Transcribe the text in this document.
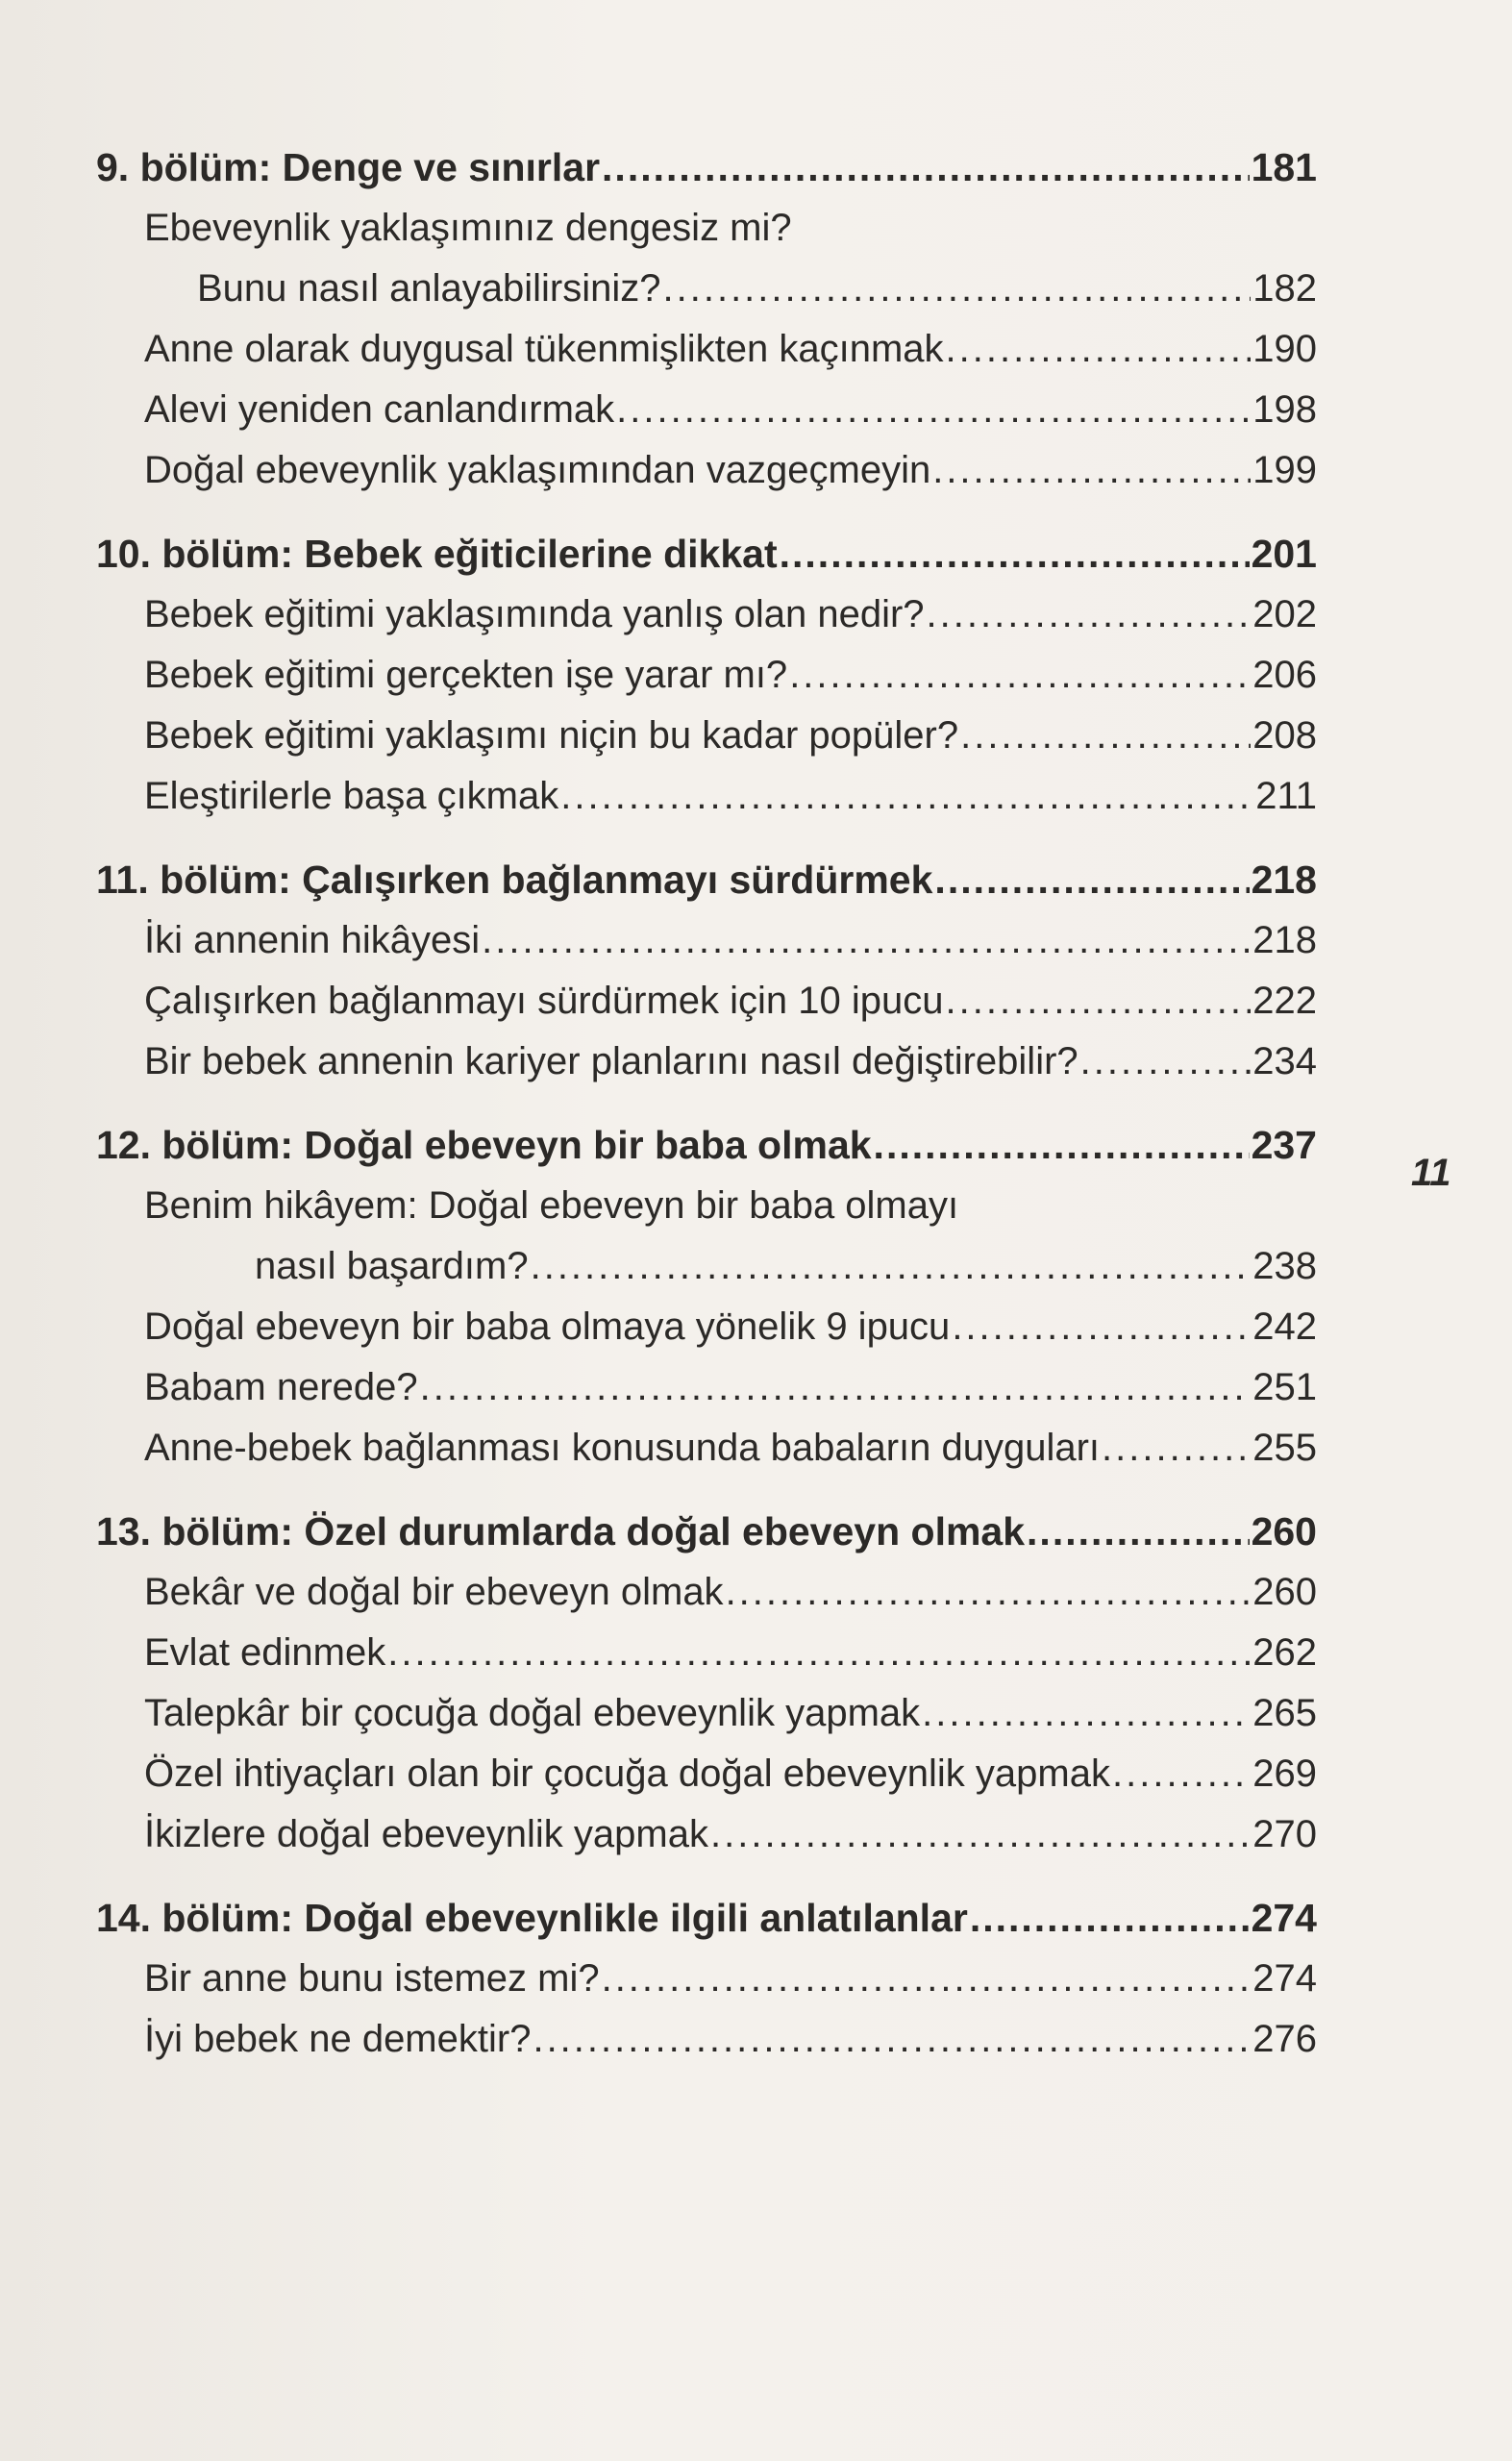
9. bölüm: Denge ve sınırlar .....	181
Ebeveynlik yaklaşımınız dengesiz mi?
Bunu nasıl anlayabilirsiniz? .....	182
Anne olarak duygusal tükenmişlikten kaçınmak .....	190
Alevi yeniden canlandırmak .....	198
Doğal ebeveynlik yaklaşımından vazgeçmeyin .....	199
10. bölüm: Bebek eğiticilerine dikkat .....	201
Bebek eğitimi yaklaşımında yanlış olan nedir? .....	202
Bebek eğitimi gerçekten işe yarar mı? .....	206
Bebek eğitimi yaklaşımı niçin bu kadar popüler? .....	208
Eleştirilerle başa çıkmak .....	211
11. bölüm: Çalışırken bağlanmayı sürdürmek .....	218
İki annenin hikâyesi .....	218
Çalışırken bağlanmayı sürdürmek için 10 ipucu .....	222
Bir bebek annenin kariyer planlarını nasıl değiştirebilir? .....	234
12. bölüm: Doğal ebeveyn bir baba olmak .....	237
Benim hikâyem: Doğal ebeveyn bir baba olmayı
nasıl başardım? .....	238
Doğal ebeveyn bir baba olmaya yönelik 9 ipucu .....	242
Babam nerede? .....	251
Anne-bebek bağlanması konusunda babaların duyguları .....	255
13. bölüm: Özel durumlarda doğal ebeveyn olmak .....	260
Bekâr ve doğal bir ebeveyn olmak .....	260
Evlat edinmek .....	262
Talepkâr bir çocuğa doğal ebeveynlik yapmak .....	265
Özel ihtiyaçları olan bir çocuğa doğal ebeveynlik yapmak .....	269
İkizlere doğal ebeveynlik yapmak .....	270
14. bölüm: Doğal ebeveynlikle ilgili anlatılanlar .....	274
Bir anne bunu istemez mi? .....	274
İyi bebek ne demektir? .....	276
11
